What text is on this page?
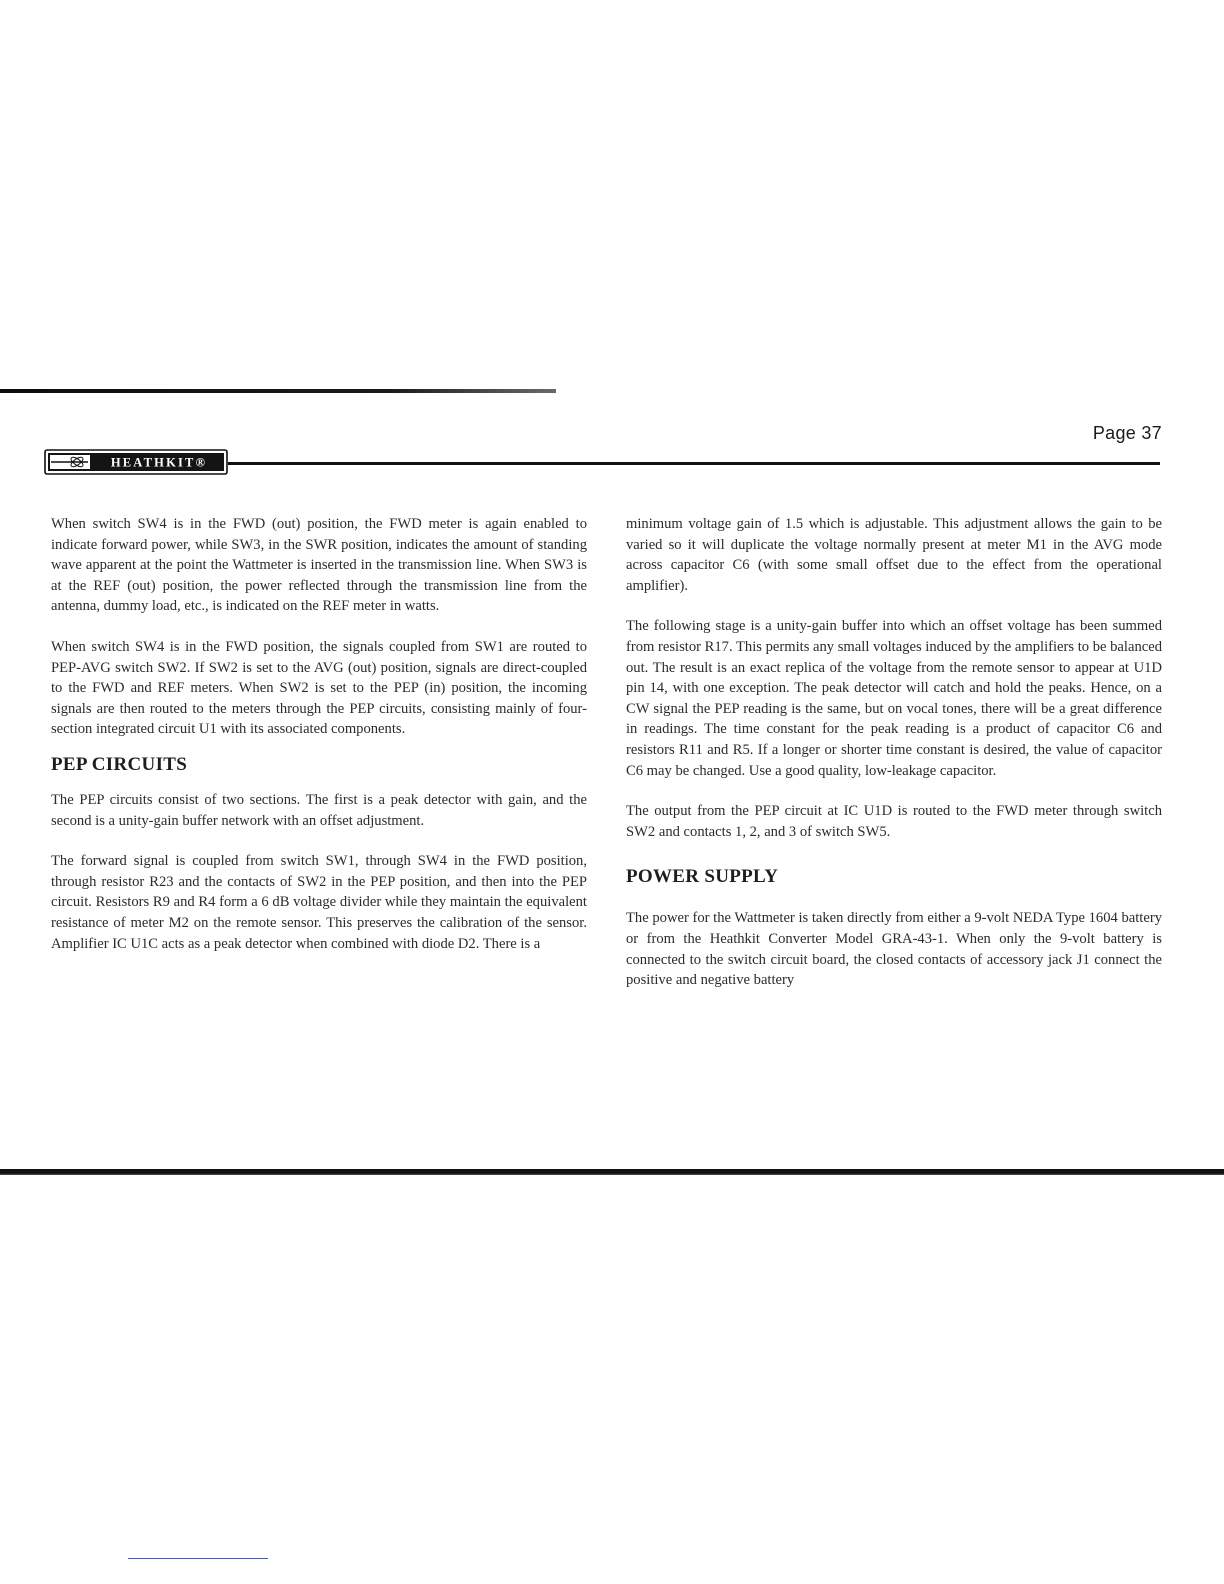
Page 37
HEATHKIT®

When switch SW4 is in the FWD (out) position, the FWD meter is again enabled to indicate forward power, while SW3, in the SWR position, indicates the amount of standing wave apparent at the point the Wattmeter is inserted in the transmission line. When SW3 is at the REF (out) position, the power reflected through the transmission line from the antenna, dummy load, etc., is indicated on the REF meter in watts.

When switch SW4 is in the FWD position, the signals coupled from SW1 are routed to PEP-AVG switch SW2. If SW2 is set to the AVG (out) position, signals are direct-coupled to the FWD and REF meters. When SW2 is set to the PEP (in) position, the incoming signals are then routed to the meters through the PEP circuits, consisting mainly of four-section integrated circuit U1 with its associated components.

PEP CIRCUITS

The PEP circuits consist of two sections. The first is a peak detector with gain, and the second is a unity-gain buffer network with an offset adjustment.

The forward signal is coupled from switch SW1, through SW4 in the FWD position, through resistor R23 and the contacts of SW2 in the PEP position, and then into the PEP circuit. Resistors R9 and R4 form a 6 dB voltage divider while they maintain the equivalent resistance of meter M2 on the remote sensor. This preserves the calibration of the sensor. Amplifier IC U1C acts as a peak detector when combined with diode D2. There is a

minimum voltage gain of 1.5 which is adjustable. This adjustment allows the gain to be varied so it will duplicate the voltage normally present at meter M1 in the AVG mode across capacitor C6 (with some small offset due to the effect from the operational amplifier).

The following stage is a unity-gain buffer into which an offset voltage has been summed from resistor R17. This permits any small voltages induced by the amplifiers to be balanced out. The result is an exact replica of the voltage from the remote sensor to appear at U1D pin 14, with one exception. The peak detector will catch and hold the peaks. Hence, on a CW signal the PEP reading is the same, but on vocal tones, there will be a great difference in readings. The time constant for the peak reading is a product of capacitor C6 and resistors R11 and R5. If a longer or shorter time constant is desired, the value of capacitor C6 may be changed. Use a good quality, low-leakage capacitor.

The output from the PEP circuit at IC U1D is routed to the FWD meter through switch SW2 and contacts 1, 2, and 3 of switch SW5.

POWER SUPPLY

The power for the Wattmeter is taken directly from either a 9-volt NEDA Type 1604 battery or from the Heathkit Converter Model GRA-43-1. When only the 9-volt battery is connected to the switch circuit board, the closed contacts of accessory jack J1 connect the positive and negative battery
